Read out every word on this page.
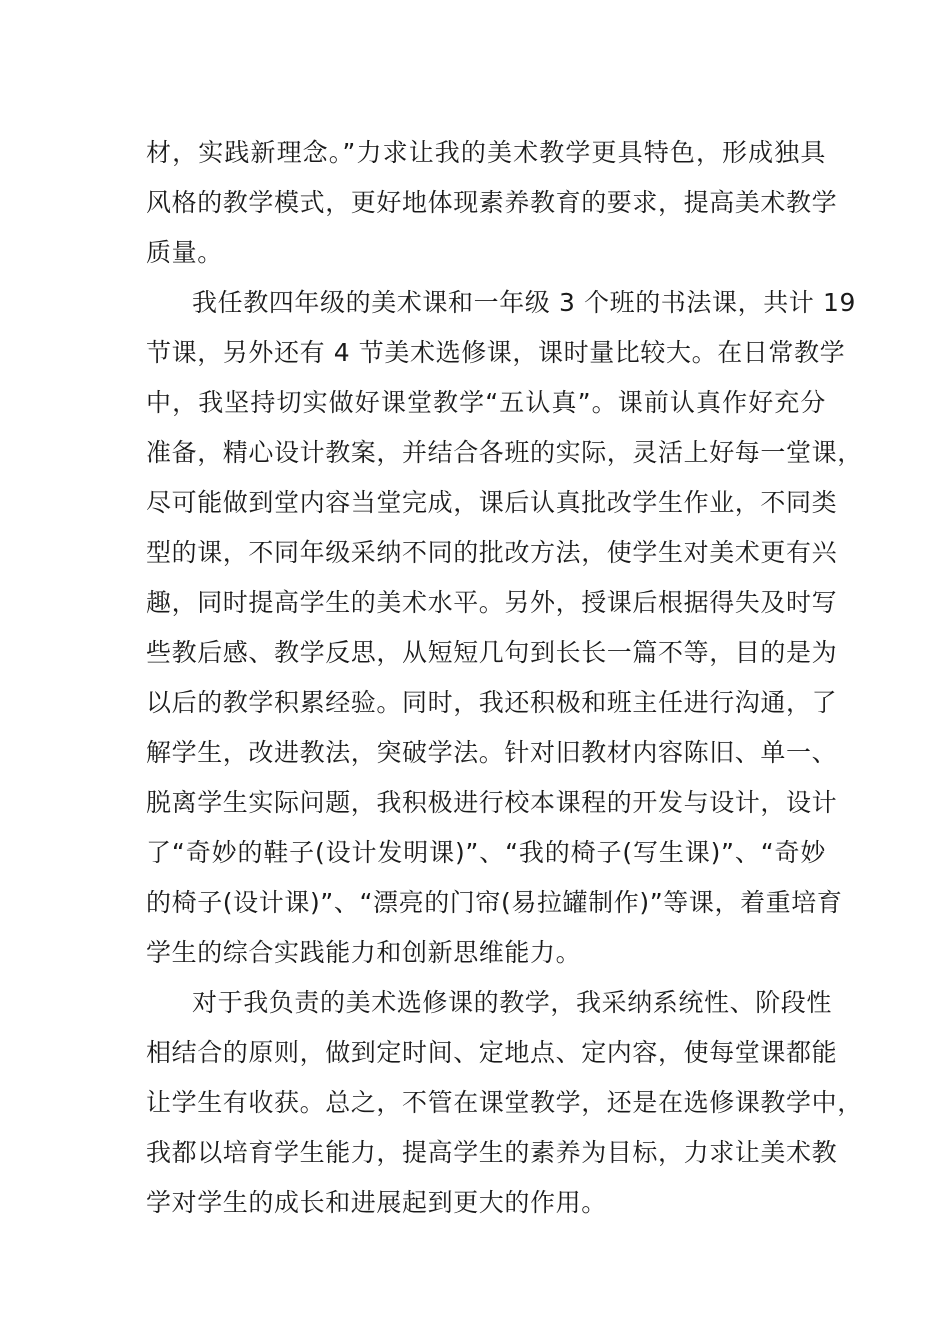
材，实践新理念。”力求让我的美术教学更具特色，形成独具
风格的教学模式，更好地体现素养教育的要求，提高美术教学
质量。
我任教四年级的美术课和一年级 3 个班的书法课，共计 19
节课，另外还有 4 节美术选修课，课时量比较大。在日常教学
中，我坚持切实做好课堂教学“五认真”。课前认真作好充分
准备，精心设计教案，并结合各班的实际，灵活上好每一堂课，
尽可能做到堂内容当堂完成，课后认真批改学生作业，不同类
型的课，不同年级采纳不同的批改方法，使学生对美术更有兴
趣，同时提高学生的美术水平。另外，授课后根据得失及时写
些教后感、教学反思，从短短几句到长长一篇不等，目的是为
以后的教学积累经验。同时，我还积极和班主任进行沟通，了
解学生，改进教法，突破学法。针对旧教材内容陈旧、单一、
脱离学生实际问题，我积极进行校本课程的开发与设计，设计
了“奇妙的鞋子(设计发明课)”、“我的椅子(写生课)”、“奇妙
的椅子(设计课)”、“漂亮的门帘(易拉罐制作)”等课，着重培育
学生的综合实践能力和创新思维能力。
对于我负责的美术选修课的教学，我采纳系统性、阶段性
相结合的原则，做到定时间、定地点、定内容，使每堂课都能
让学生有收获。总之，不管在课堂教学，还是在选修课教学中，
我都以培育学生能力，提高学生的素养为目标，力求让美术教
学对学生的成长和进展起到更大的作用。
